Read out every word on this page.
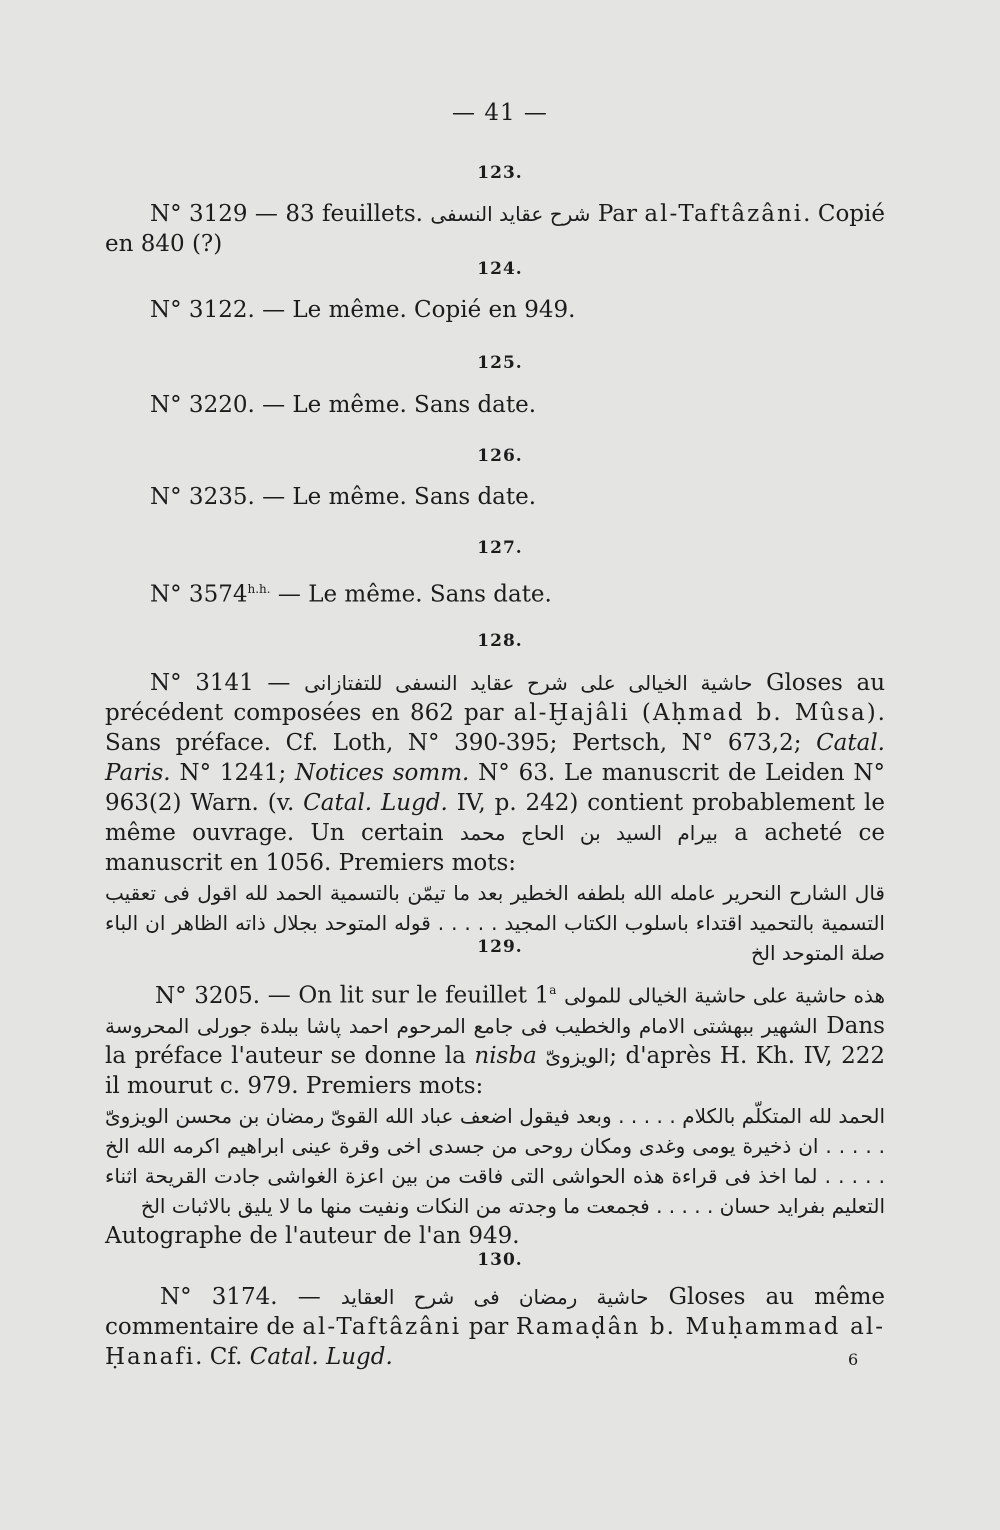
— 41 —
123.
N° 3129 — 83 feuillets. شرح عقايد النسفى Par al-Taftâzâni. Copié en 840 (?)
124.
N° 3122. — Le même. Copié en 949.
125.
N° 3220. — Le même. Sans date.
126.
N° 3235. — Le même. Sans date.
127.
N° $3574^{h.h.}$ — Le même. Sans date.
128.
N° 3141 — حاشية الخيالى على شرح عقايد النسفى للتفتازانى Gloses au précédent composées en 862 par al-Ḫajâli (Aḥmad b. Mûsa). Sans préface. Cf. Loth, N° 390-395; Pertsch, N° 673,2; Catal. Paris. N° 1241; Notices somm. N° 63. Le manuscrit de Leiden N° 963(2) Warn. (v. Catal. Lugd. IV, p. 242) contient probablement le même ouvrage. Un certain بيرام السيد بن الحاج محمد a acheté ce manuscrit en 1056. Premiers mots:
قال الشارح النحرير عامله الله بلطفه الخطير بعد ما تيمّن بالتسمية الحمد لله اقول فى تعقيب التسمية بالتحميد اقتداء باسلوب الكتاب المجيد . . . . . قوله المتوحد بجلال ذاته الظاهر ان الباء صلة المتوحد الخ
129.
N° 3205. — On lit sur le feuillet 1$^a$ هذه حاشية على حاشية الخيالى للمولى الشهير ببهشتى الامام والخطيب فى جامع المرحوم احمد پاشا ببلدة جورلى المحروسة Dans la préface l'auteur se donne la nisba الويزوىّ; d'après H. Kh. IV, 222 il mourut c. 979. Premiers mots:
الحمد لله المتكلّم بالكلام . . . . . وبعد فيقول اضعف عباد الله القوىّ رمضان بن محسن الويزوىّ . . . . . ان ذخيرة يومى وغدى ومكان روحى من جسدى اخى وقرة عينى ابراهيم اكرمه الله الخ . . . . . لما اخذ فى قراءة هذه الحواشى التى فاقت من بين اعزة الغواشى جادت القريحة اثناء التعليم بفرايد حسان . . . . . فجمعت ما وجدته من النكات ونفيت منها ما لا يليق بالاثبات الخ
Autographe de l'auteur de l'an 949.
130.
N° 3174. — حاشية رمضان فى شرح العقايد Gloses au même commentaire de al-Taftâzâni par Ramaḍân b. Muḥammad al-Ḥanafi. Cf. Catal. Lugd.	6
